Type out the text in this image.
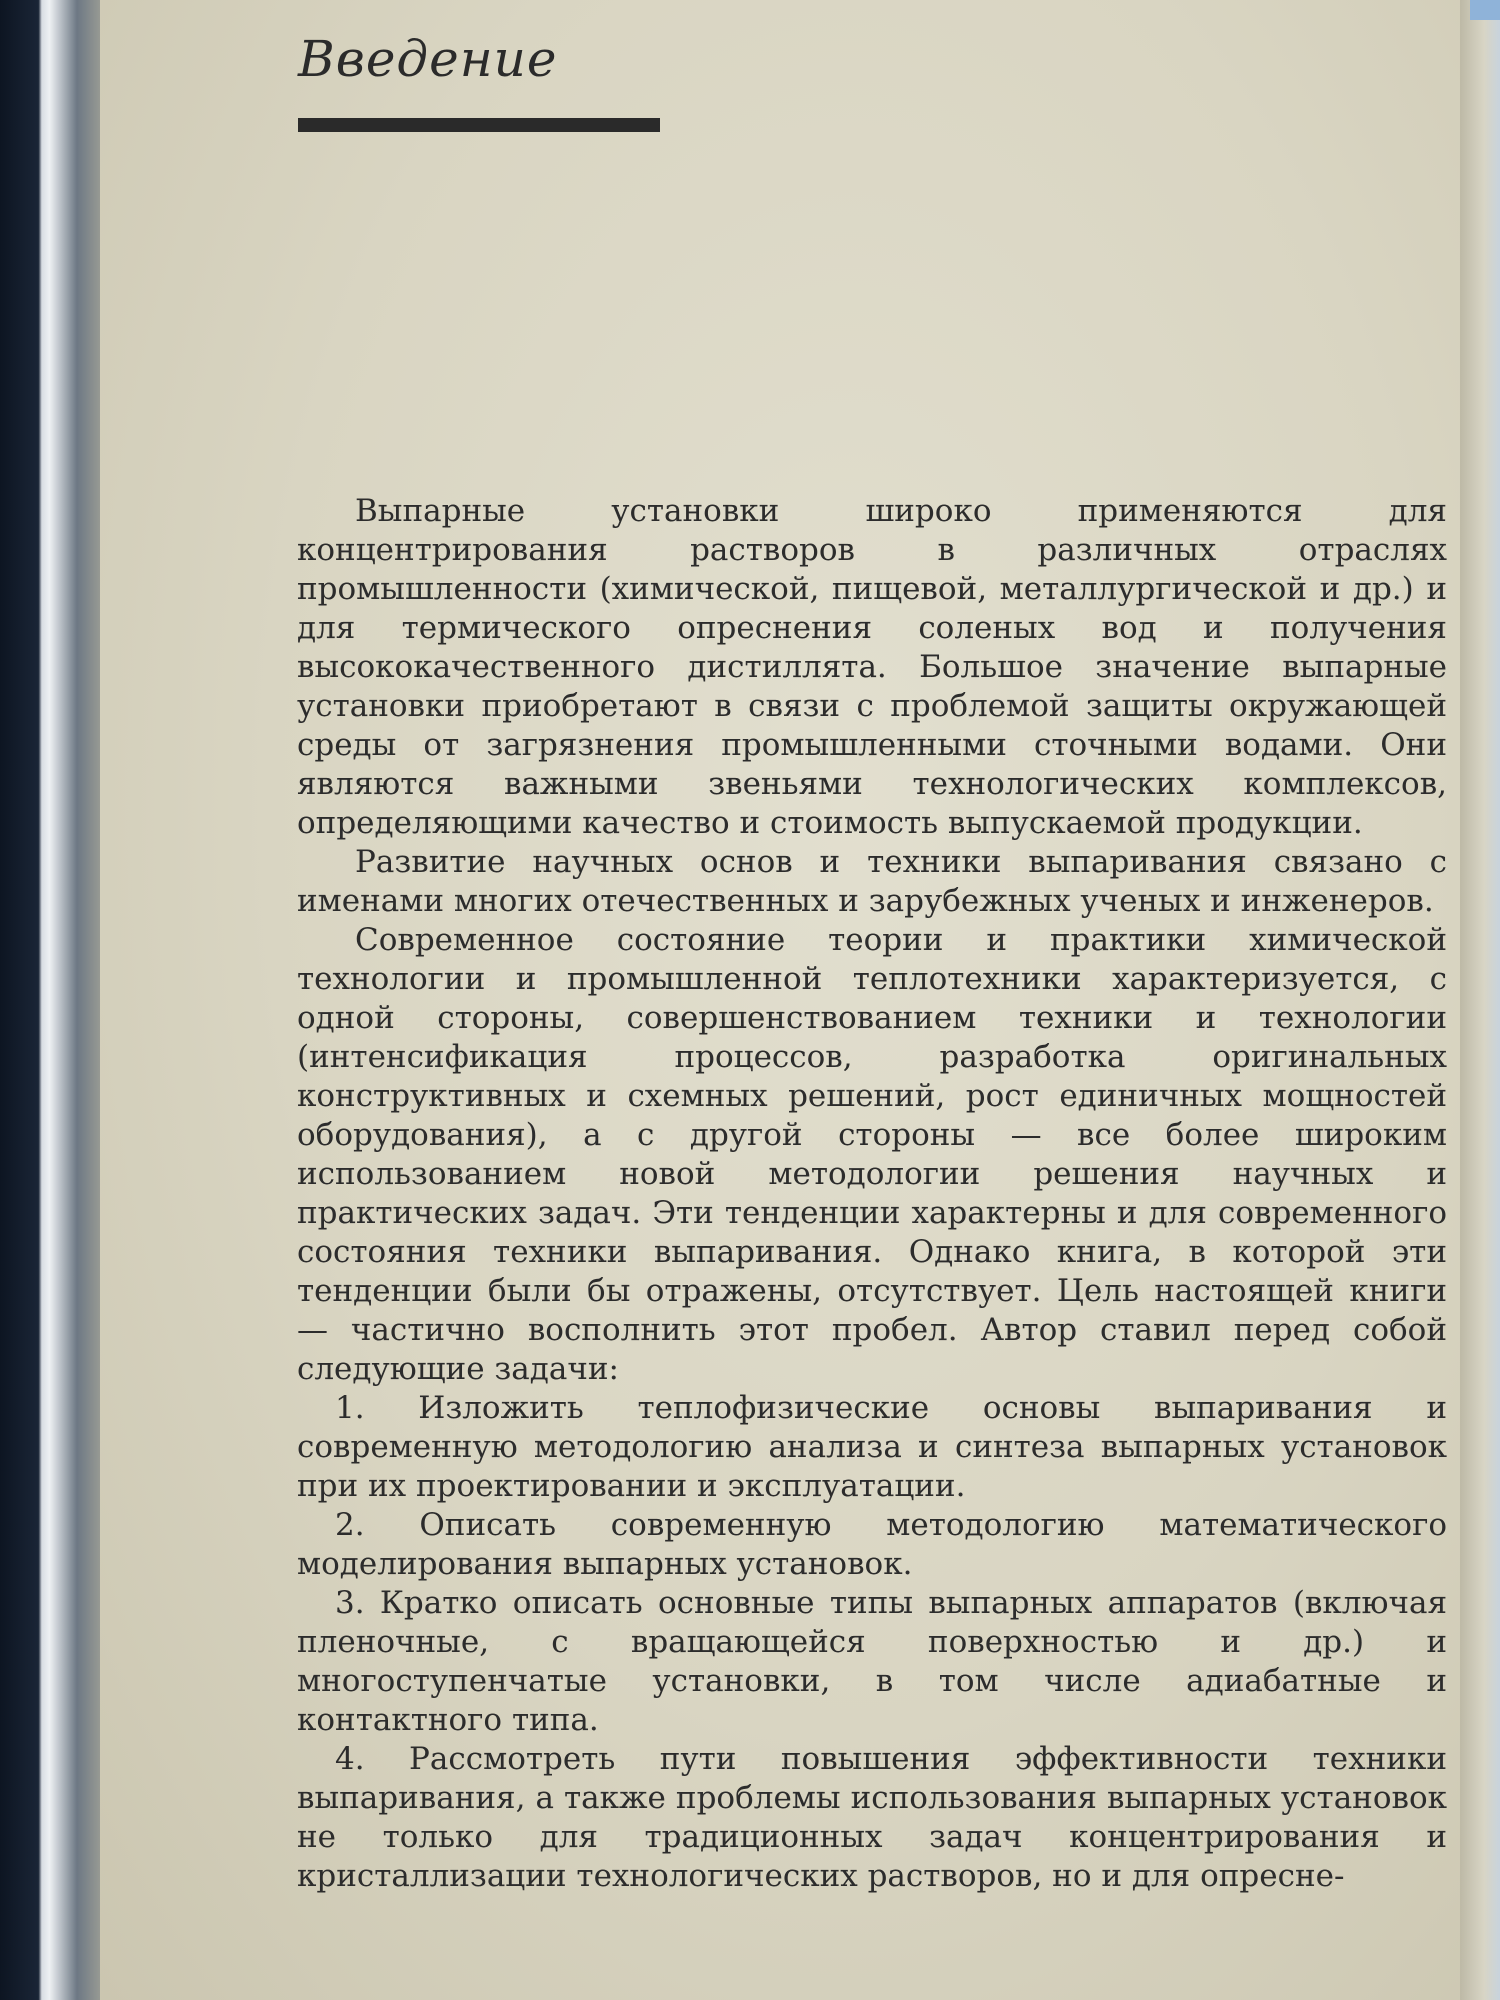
Введение

Выпарные установки широко применяются для концентрирования растворов в различных отраслях промышленности (химической, пищевой, металлургической и др.) и для термического опреснения соленых вод и получения высококачественного дистиллята. Большое значение выпарные установки приобретают в связи с проблемой защиты окружающей среды от загрязнения промышленными сточными водами. Они являются важными звеньями технологических комплексов, определяющими качество и стоимость выпускаемой продукции.

Развитие научных основ и техники выпаривания связано с именами многих отечественных и зарубежных ученых и инженеров.

Современное состояние теории и практики химической технологии и промышленной теплотехники характеризуется, с одной стороны, совершенствованием техники и технологии (интенсификация процессов, разработка оригинальных конструктивных и схемных решений, рост единичных мощностей оборудования), а с другой стороны — все более широким использованием новой методологии решения научных и практических задач. Эти тенденции характерны и для современного состояния техники выпаривания. Однако книга, в которой эти тенденции были бы отражены, отсутствует. Цель настоящей книги — частично восполнить этот пробел. Автор ставил перед собой следующие задачи:

1. Изложить теплофизические основы выпаривания и современную методологию анализа и синтеза выпарных установок при их проектировании и эксплуатации.

2. Описать современную методологию математического моделирования выпарных установок.

3. Кратко описать основные типы выпарных аппаратов (включая пленочные, с вращающейся поверхностью и др.) и многоступенчатые установки, в том числе адиабатные и контактного типа.

4. Рассмотреть пути повышения эффективности техники выпаривания, а также проблемы использования выпарных установок не только для традиционных задач концентрирования и кристаллизации технологических растворов, но и для опресне-
